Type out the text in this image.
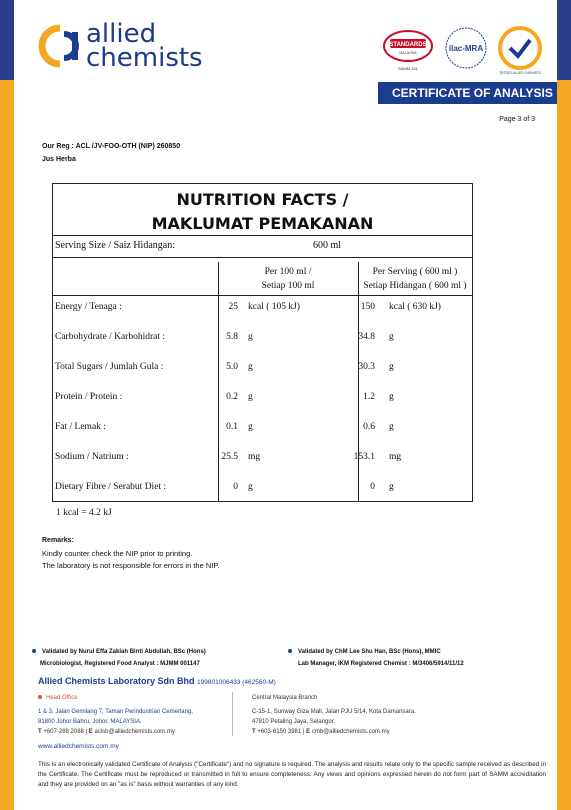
allied
chemists	STANDARDS
MALAYSIA
SAMM 161
ilac-MRA
TESTED ALLIED CHEMISTS
CERTIFICATE OF ANALYSIS
Page 3 of 3
Our Reg : ACL /JV-FOO-OTH (NIP) 260850
Jus Herba
NUTRITION FACTS /
MAKLUMAT PEMAKANAN
Serving Size / Saiz Hidangan:	600 ml
Per 100 ml /
Setiap 100 ml
Per Serving ( 600 ml )
Setiap Hidangan ( 600 ml )
Energy / Tenaga :	25 kcal ( 105 kJ)	150 kcal ( 630 kJ)
Carbohydrate / Karbohidrat :	5.8 g	34.8 g
Total Sugars / Jumlah Gula :	5.0 g	30.3 g
Protein / Protein :	0.2 g	1.2 g
Fat / Lemak :	0.1 g	0.6 g
Sodium / Natrium :	25.5 mg	153.1 mg
Dietary Fibre / Serabut Diet :	0 g	0 g
1 kcal = 4.2 kJ
Remarks:
Kindly counter check the NIP prior to printing.
The laboratory is not responsible for errors in the NIP.
Validated by Nurul Effa Zakiah Binti Abdullah, BSc (Hons)
Microbiologist, Registered Food Analyst : MJMM 001147
Validated by ChM Lee Shu Han, BSc (Hons), MMIC
Lab Manager, IKM Registered Chemist : M/3406/5914/11/12
Allied Chemists Laboratory Sdn Bhd 199801006433 (462560-M)
Head Office
1 & 3, Jalan Gemilang 7, Taman Perindustrian Cemerlang,
81800 Johor Bahru, Johor, MALAYSIA.
T +607-288 2088 | E aclsb@alliedchemists.com.my
Central Malaysia Branch
C-15-1, Sunway Giza Mall, Jalan PJU 5/14, Kota Damansara,
47810 Petaling Jaya, Selangor.
T +603-6150 3981 | E cmb@alliedchemists.com.my
www.alliedchemists.com.my
This is an electronically validated Certificate of Analysis ("Certificate") and no signature is required. The analysis and results relate only to the specific sample received as described in the Certificate. The Certificate must be reproduced or transmitted in full to ensure completeness. Any views and opinions expressed herein do not form part of SAMM accreditation and they are provided on an "as is" basis without warranties of any kind.
